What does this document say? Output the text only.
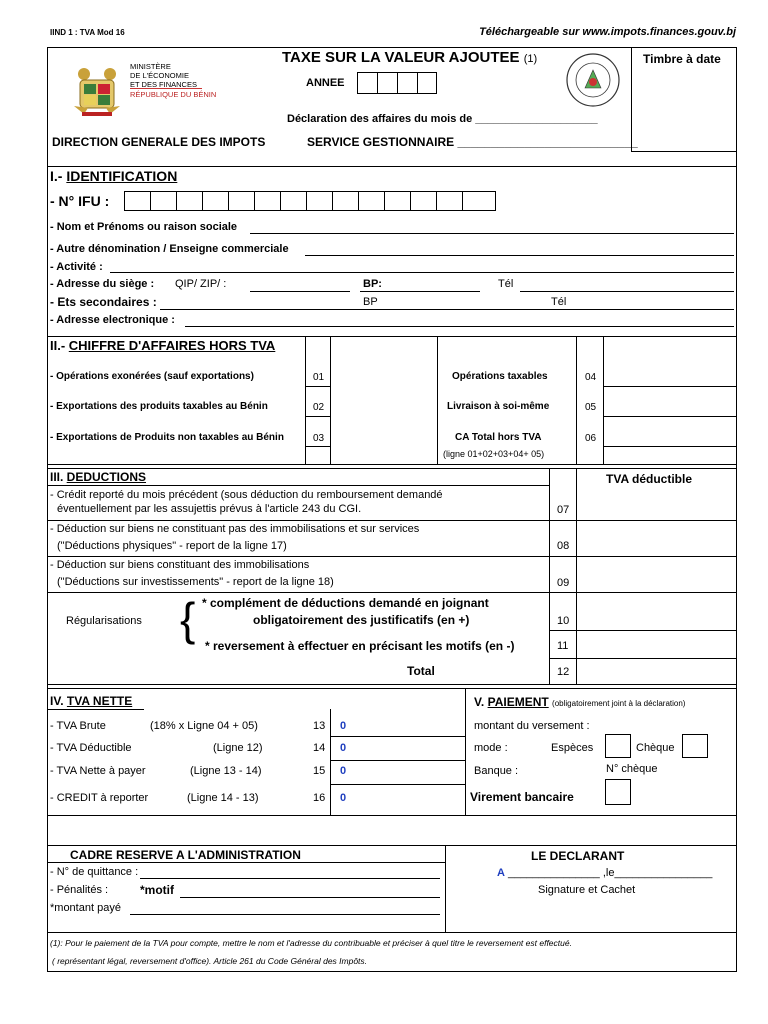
IIND 1 : TVA Mod 16	Téléchargeable sur www.impots.finances.gouv.bj
TAXE SUR LA VALEUR AJOUTEE (1)
ANNEE
MINISTÈRE
DE L'ÉCONOMIE
ET DES FINANCES
RÉPUBLIQUE DU BÉNIN
Déclaration des affaires du mois de ____________________
DIRECTION GENERALE DES IMPOTS	SERVICE GESTIONNAIRE ___________________________
Timbre à date
I.- IDENTIFICATION
- N° IFU :
- Nom et Prénoms ou raison sociale
- Autre dénomination / Enseigne commerciale
- Activité :
- Adresse du siège : QIP/ ZIP/ :	BP:	Tél
- Ets secondaires :	BP	Tél
- Adresse electronique :
II.- CHIFFRE D'AFFAIRES HORS TVA
- Opérations exonérées (sauf exportations)	01	Opérations taxables	04
- Exportations des produits taxables au Bénin	02	Livraison à soi-même	05
- Exportations de Produits non taxables au Bénin	03	CA Total hors TVA	06
(ligne 01+02+03+04+ 05)
III. DEDUCTIONS	TVA déductible
- Crédit reporté du mois précédent (sous déduction du remboursement demandé
éventuellement par les assujettis prévus à l'article 243 du CGI.	07
- Déduction sur biens ne constituant pas des immobilisations et sur services
("Déductions physiques" - report de la ligne 17)	08
- Déduction sur biens constituant des immobilisations
("Déductions sur investissements" - report de la ligne 18)	09
Régularisations { * complément de déductions demandé en joignant
obligatoirement des justificatifs (en +)	10
* reversement à effectuer en précisant les motifs (en -)	11
Total	12
IV. TVA NETTE
- TVA Brute	(18% x Ligne 04 + 05)	13 0
- TVA Déductible	(Ligne 12)	14 0
- TVA Nette à payer	(Ligne 13 - 14)	15 0
- CREDIT à reporter	(Ligne 14 - 13)	16 0
V. PAIEMENT (obligatoirement joint à la déclaration)
montant du versement :
mode :	Espèces	Chèque
Banque :	N° chèque
Virement bancaire
CADRE RESERVE A L'ADMINISTRATION
- N° de quittance :
- Pénalités :	*motif
*montant payé
LE DECLARANT
A _______________ ,le________________
Signature et Cachet
(1): Pour le paiement de la TVA pour compte, mettre le nom et l'adresse du contribuable et préciser à quel titre le reversement est effectué.
( représentant légal, reversement d'office). Article 261 du Code Général des Impôts.
